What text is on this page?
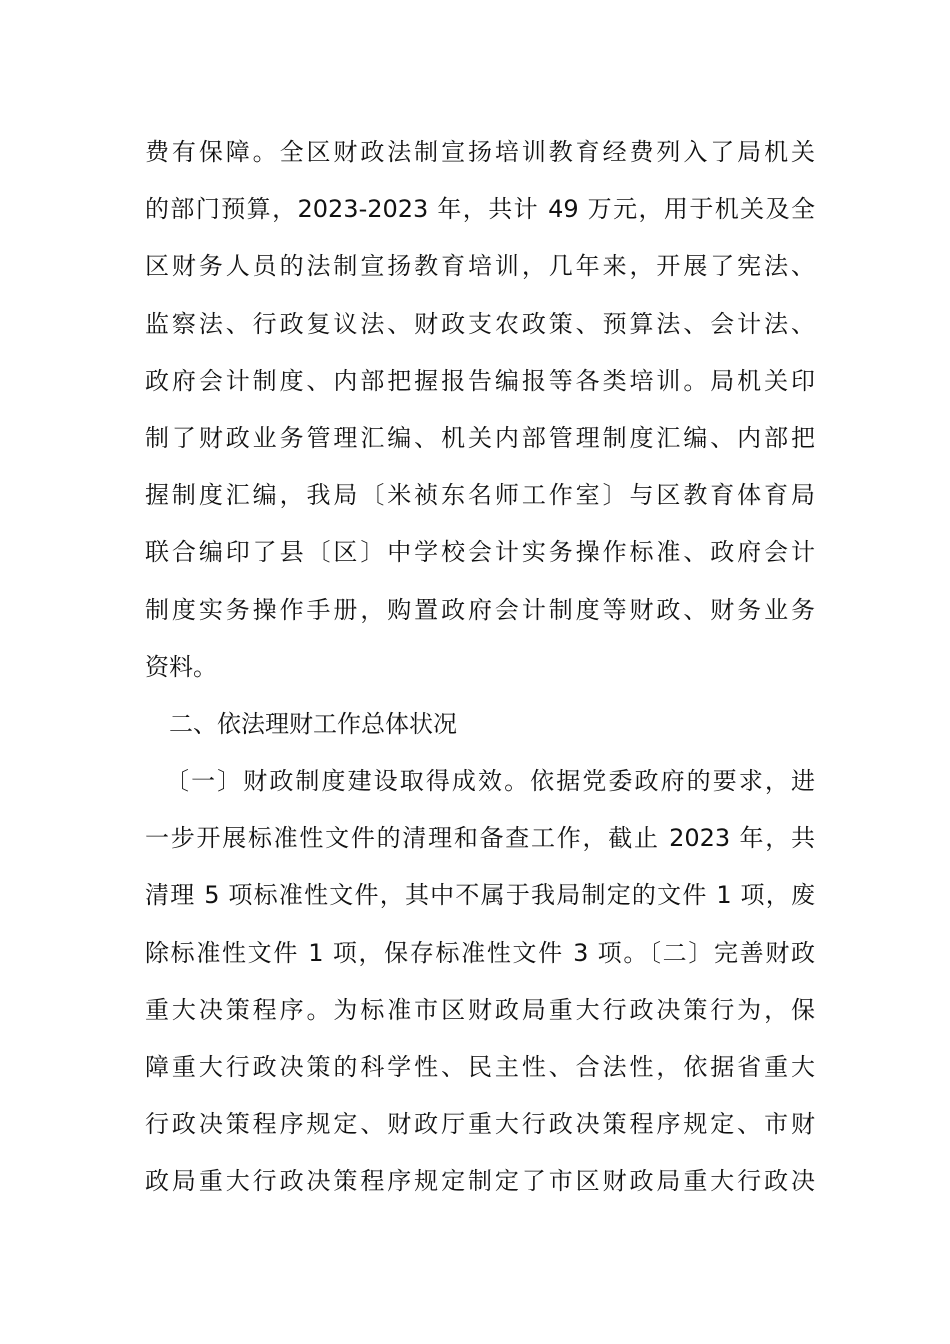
费有保障。全区财政法制宣扬培训教育经费列入了局机关
的部门预算，2023-2023 年，共计 49 万元，用于机关及全
区财务人员的法制宣扬教育培训，几年来，开展了宪法、
监察法、行政复议法、财政支农政策、预算法、会计法、
政府会计制度、内部把握报告编报等各类培训。局机关印
制了财政业务管理汇编、机关内部管理制度汇编、内部把
握制度汇编，我局〔米祯东名师工作室〕与区教育体育局
联合编印了县〔区〕中学校会计实务操作标准、政府会计
制度实务操作手册，购置政府会计制度等财政、财务业务
资料。
二、依法理财工作总体状况
〔一〕财政制度建设取得成效。依据党委政府的要求，进
一步开展标准性文件的清理和备查工作，截止 2023 年，共
清理 5 项标准性文件，其中不属于我局制定的文件 1 项，废
除标准性文件 1 项，保存标准性文件 3 项。〔二〕完善财政
重大决策程序。为标准市区财政局重大行政决策行为，保
障重大行政决策的科学性、民主性、合法性，依据省重大
行政决策程序规定、财政厅重大行政决策程序规定、市财
政局重大行政决策程序规定制定了市区财政局重大行政决
